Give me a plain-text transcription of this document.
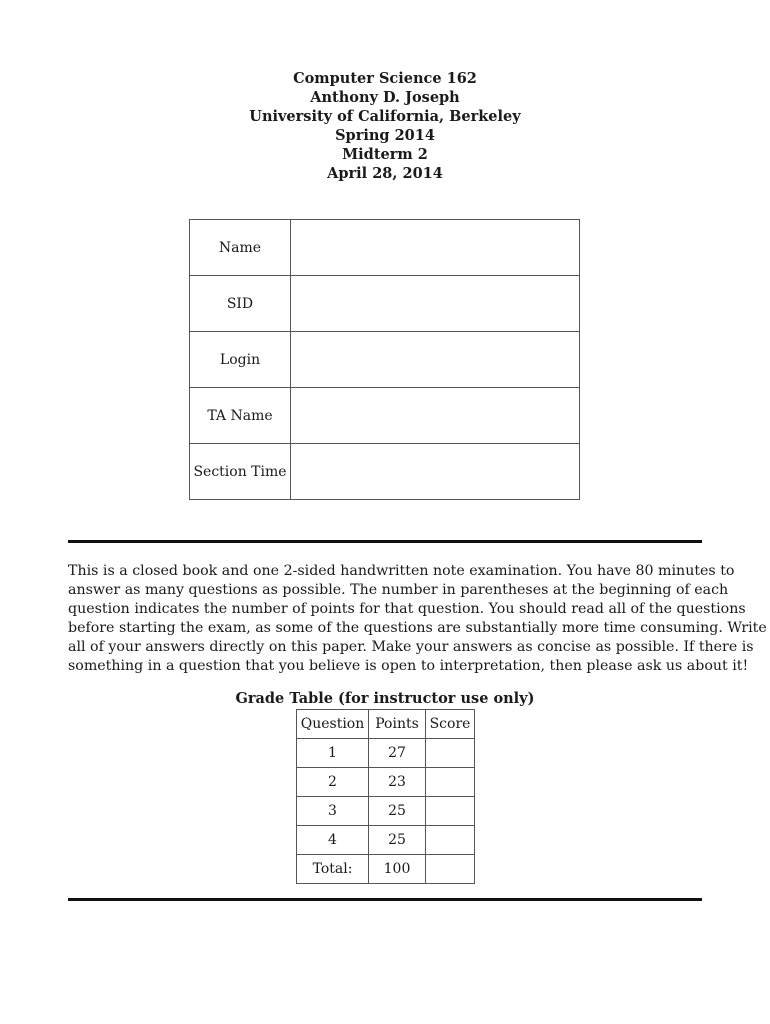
Computer Science 162
Anthony D. Joseph
University of California, Berkeley
Spring 2014
Midterm 2
April 28, 2014
Name	
SID	
Login	
TA Name	
Section Time	
This is a closed book and one 2-sided handwritten note examination. You have 80 minutes to
answer as many questions as possible. The number in parentheses at the beginning of each
question indicates the number of points for that question. You should read all of the questions
before starting the exam, as some of the questions are substantially more time consuming. Write
all of your answers directly on this paper. Make your answers as concise as possible. If there is
something in a question that you believe is open to interpretation, then please ask us about it!
Grade Table (for instructor use only)
Question	Points	Score
1	27	
2	23	
3	25	
4	25	
Total:	100	
